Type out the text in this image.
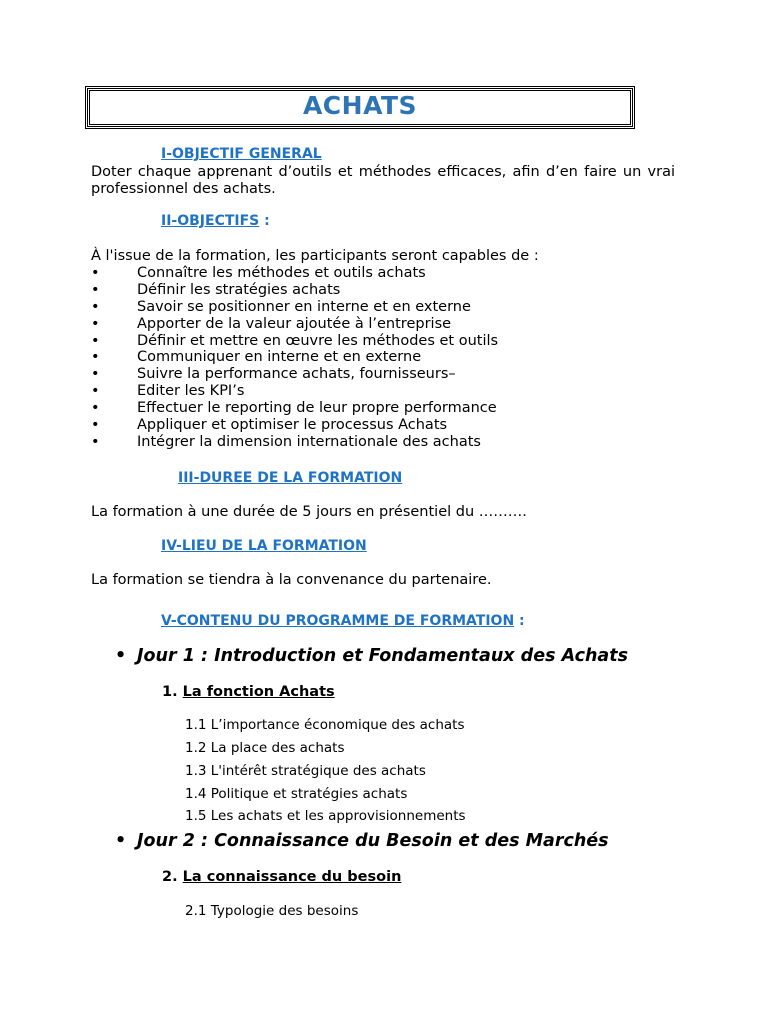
ACHATS
I-OBJECTIF GENERAL
Doter chaque apprenant d’outils et méthodes efficaces, afin d’en faire un vrai professionnel des achats.
II-OBJECTIFS :
À l'issue de la formation, les participants seront capables de :
•	Connaître les méthodes et outils achats
•	Définir les stratégies achats
•	Savoir se positionner en interne et en externe
•	Apporter de la valeur ajoutée à l’entreprise
•	Définir et mettre en œuvre les méthodes et outils
•	Communiquer en interne et en externe
•	Suivre la performance achats, fournisseurs–
•	Editer les KPI’s
•	Effectuer le reporting de leur propre performance
•	Appliquer et optimiser le processus Achats
•	Intégrer la dimension internationale des achats
III-DUREE DE LA FORMATION
La formation à une durée de 5 jours en présentiel du ……….
IV-LIEU DE LA FORMATION
La formation se tiendra à la convenance du partenaire.
V-CONTENU DU PROGRAMME DE FORMATION :
• Jour 1 : Introduction et Fondamentaux des Achats
1. La fonction Achats
1.1 L’importance économique des achats
1.2 La place des achats
1.3 L'intérêt stratégique des achats
1.4 Politique et stratégies achats
1.5 Les achats et les approvisionnements
• Jour 2 : Connaissance du Besoin et des Marchés
2. La connaissance du besoin
2.1 Typologie des besoins
